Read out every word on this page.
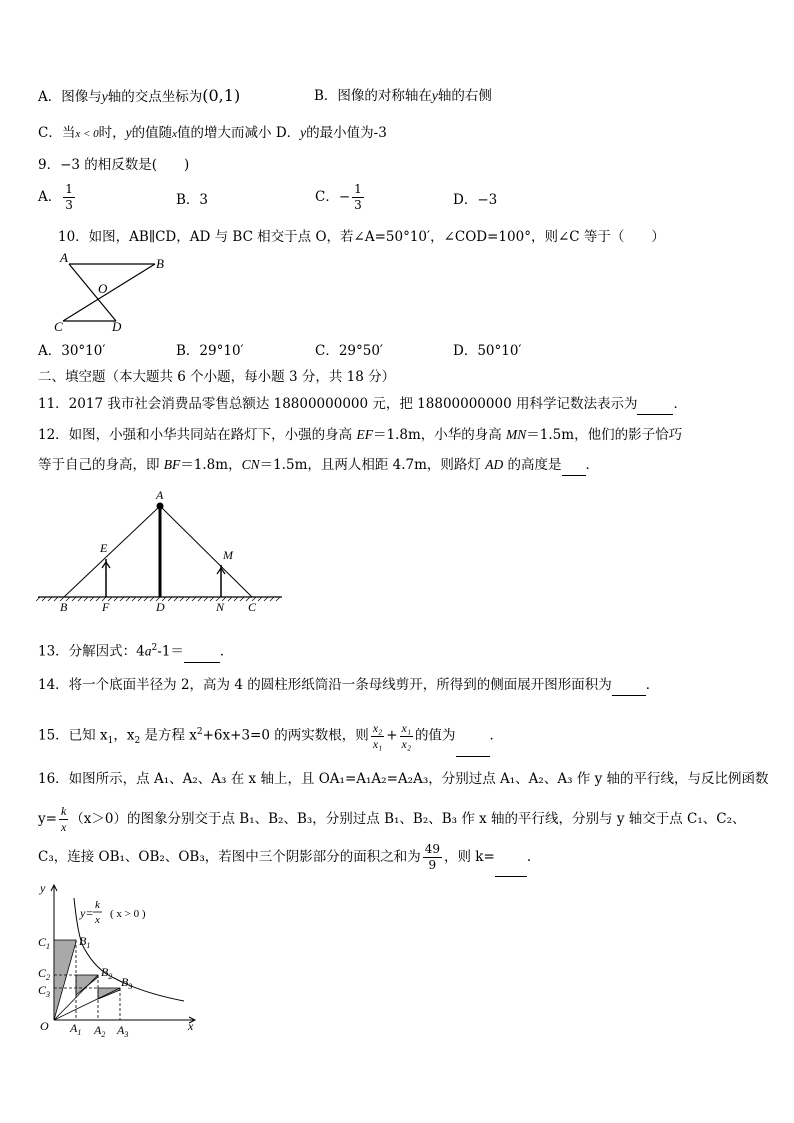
A．图像与y轴的交点坐标为(0,1)	B．图像的对称轴在y轴的右侧
C．当x < 0时，y的值随x值的增大而减小 D．y的最小值为-3
9．−3 的相反数是(　　)
A． $\frac{1}{3}$	B．3	C．− $\frac{1}{3}$	D．−3
10．如图，AB∥CD，AD 与 BC 相交于点 O，若∠A=50°10′，∠COD=100°，则∠C 等于（　　）
A	B
O
C	D
A．30°10′	B．29°10′	C．29°50′	D．50°10′
二、填空题（本大题共 6 个小题，每小题 3 分，共 18 分）
11．2017 我市社会消费品零售总额达 18800000000 元，把 18800000000 用科学记数法表示为	．
12．如图，小强和小华共同站在路灯下，小强的身高 EF＝1.8m，小华的身高 MN＝1.5m，他们的影子恰巧
等于自己的身高，即 BF＝1.8m，CN＝1.5m，且两人相距 4.7m，则路灯 AD 的高度是 ．
A
E	M
B	F	D	N C
13．分解因式：$4a^2-1=$	．
14．将一个底面半径为 2，高为 4 的圆柱形纸筒沿一条母线剪开，所得到的侧面展开图形面积为	．
15．已知 $x_1$，$x_2$ 是方程 $x^2+6x+3=0$ 的两实数根，则 $\frac{\text{x₂}}{\text{x₁}} + \frac{\text{x₁}}{\text{x₂}}$ 的值为	．
16．如图所示，点 A₁、A₂、A₃ 在 x 轴上，且 OA₁=A₁A₂=A₂A₃，分别过点 A₁、A₂、A₃ 作 y 轴的平行线，与反比例函数
$y= \frac{k}{x} (x>0)$的图象分别交于点 B₁、B₂、B₃，分别过点 B₁、B₂、B₃ 作 x 轴的平行线，分别与 y 轴交于点 C₁、C₂、
C₃，连接 OB₁、OB₂、OB₃，若图中三个阴影部分的面积之和为 $\frac{49}{9}$ ，则 k= ．
y
x
O
y=
k
x ( x > 0 )
$C_1$
$C_2$
$C_3$
$B_1$
$B_2$ $B_3$
$A_1$ $A_2$ $A_3$
